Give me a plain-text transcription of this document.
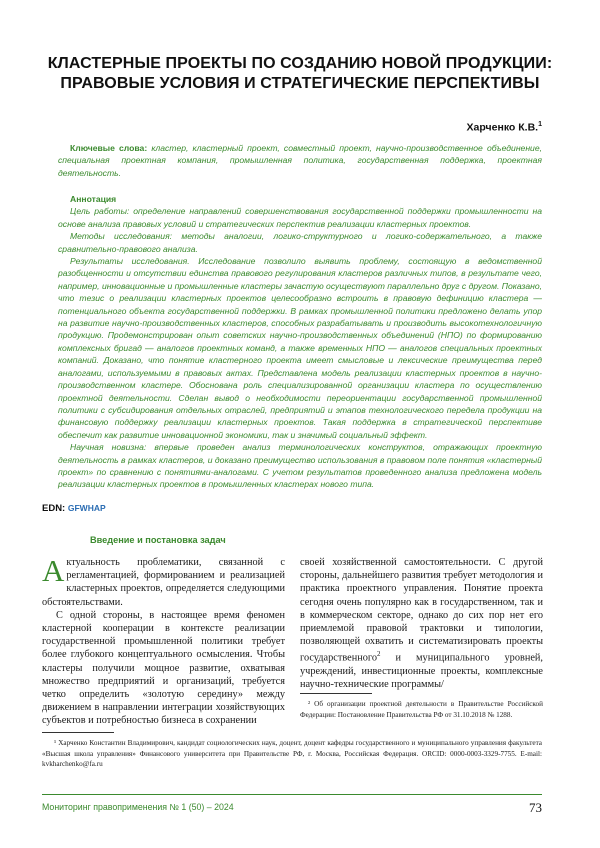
КЛАСТЕРНЫЕ ПРОЕКТЫ ПО СОЗДАНИЮ НОВОЙ ПРОДУКЦИИ: ПРАВОВЫЕ УСЛОВИЯ И СТРАТЕГИЧЕСКИЕ ПЕРСПЕКТИВЫ
Харченко К.В.$^1$
Ключевые слова: кластер, кластерный проект, совместный проект, научно-производственное объединение, специальная проектная компания, промышленная политика, государственная поддержка, проектная деятельность.
Аннотация

Цель работы: определение направлений совершенствования государственной поддержки промышленности на основе анализа правовых условий и стратегических перспектив реализации кластерных проектов.

Методы исследования: методы аналогии, логико-структурного и логико-содержательного, а также сравнительно-правового анализа.

Результаты исследования. Исследование позволило выявить проблему, состоящую в ведомственной разобщенности и отсутствии единства правового регулирования кластеров различных типов, в результате чего, например, инновационные и промышленные кластеры зачастую осуществуют параллельно друг с другом. Показано, что тезис о реализации кластерных проектов целесообразно встроить в правовую дефиницию кластера — потенциального объекта государственной поддержки. В рамках промышленной политики предложено делать упор на развитие научно-производственных кластеров, способных разрабатывать и производить высокотехнологичную продукцию. Продемонстрирован опыт советских научно-производственных объединений (НПО) по формированию комплексных бригад — аналогов проектных команд, а также временных НПО — аналогов специальных проектных компаний. Доказано, что понятие кластерного проекта имеет смысловые и лексические преимущества перед аналогами, используемыми в правовых актах. Представлена модель реализации кластерных проектов в научно-производственном кластере. Обоснована роль специализированной организации кластера по осуществлению проектной деятельности. Сделан вывод о необходимости переориентации государственной промышленной политики с субсидирования отдельных отраслей, предприятий и этапов технологического передела продукции на финансовую поддержку реализации кластерных проектов. Такая поддержка в стратегической перспективе обеспечит как развитие инновационной экономики, так и значимый социальный эффект.

Научная новизна: впервые проведен анализ терминологических конструктов, отражающих проектную деятельность в рамках кластеров, и доказано преимущество использования в правовом поле понятия «кластерный проект» по сравнению с понятиями-аналогами. С учетом результатов проведенного анализа предложена модель реализации кластерных проектов в промышленных кластерах нового типа.

EDN: GFWHAP
Введение и постановка задач

Актуальность проблематики, связанной с регламентацией, формированием и реализацией кластерных проектов, определяется следующими обстоятельствами.

С одной стороны, в настоящее время феномен кластерной кооперации в контексте реализации государственной промышленной политики требует более глубокого концептуального осмысления. Чтобы кластеры получили мощное развитие, охватывая множество предприятий и организаций, требуется четко определить «золотую середину» между движением в направлении интеграции хозяйствующих субъектов и потребностью бизнеса в сохранении

своей хозяйственной самостоятельности. С другой стороны, дальнейшего развития требует методология и практика проектного управления. Понятие проекта сегодня очень популярно как в государственном, так и в коммерческом секторе, однако до сих пор нет его приемлемой правовой трактовки и типологии, позволяющей охватить и систематизировать проекты государственного$^2$ и муниципального уровней, учреждений, инвестиционные проекты, комплексные научно-технические программы/

² Об организации проектной деятельности в Правительстве Российской Федерации: Постановление Правительства РФ от 31.10.2018 № 1288.
¹ Харченко Константин Владимирович, кандидат социологических наук, доцент, доцент кафедры государственного и муниципального управления факультета «Высшая школа управления» Финансового университета при Правительстве РФ, г. Москва, Российская Федерация. ORCID: 0000-0003-3329-7755. E-mail: kvkharchenko@fa.ru
Мониторинг правоприменения № 1 (50) – 2024	73
